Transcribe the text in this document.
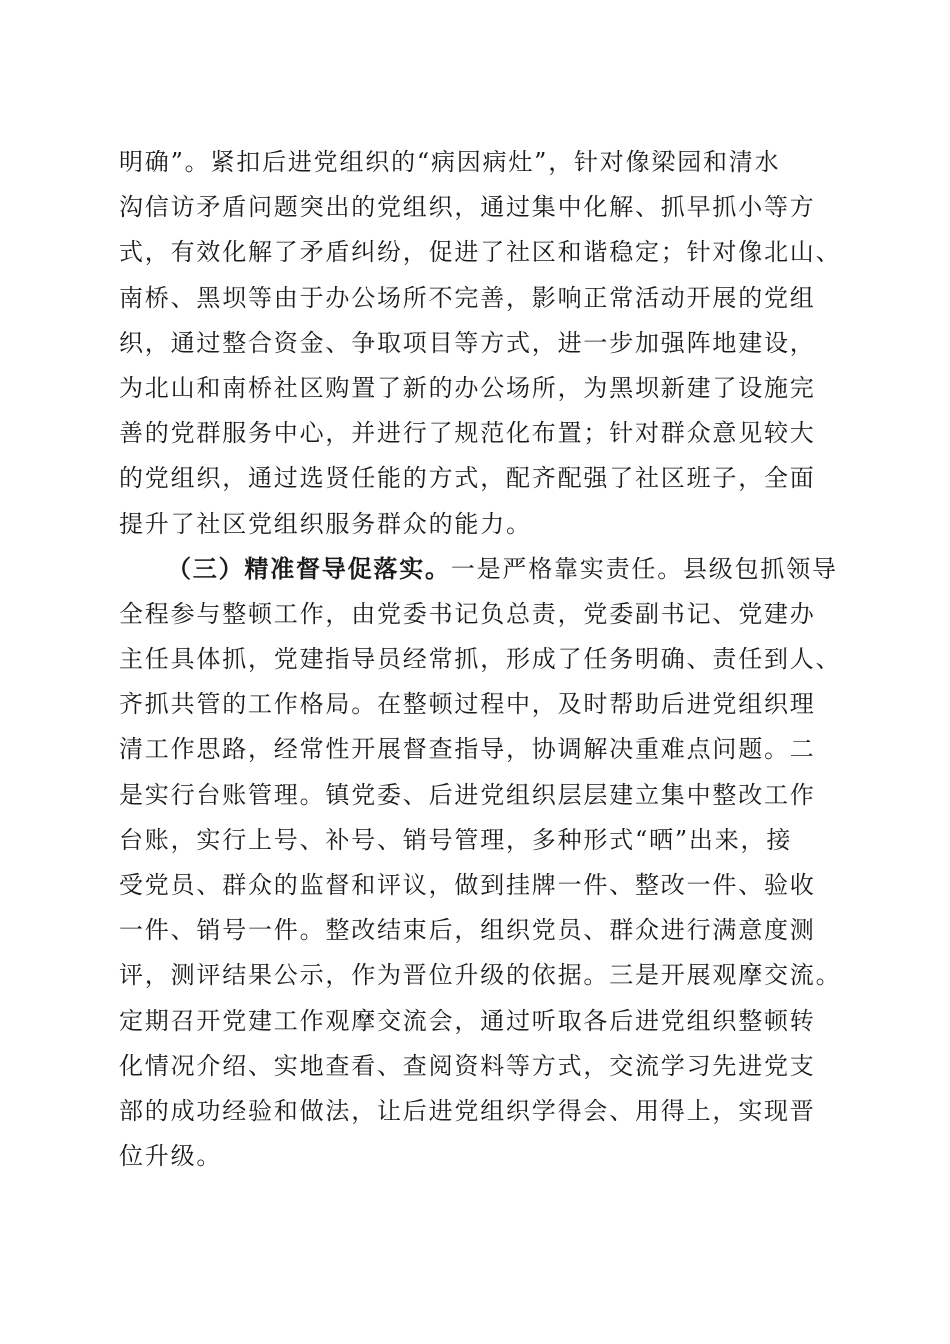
明确”。紧扣后进党组织的“病因病灶”，针对像梁园和清水
沟信访矛盾问题突出的党组织，通过集中化解、抓早抓小等方
式，有效化解了矛盾纠纷，促进了社区和谐稳定；针对像北山、
南桥、黑坝等由于办公场所不完善，影响正常活动开展的党组
织，通过整合资金、争取项目等方式，进一步加强阵地建设，
为北山和南桥社区购置了新的办公场所，为黑坝新建了设施完
善的党群服务中心，并进行了规范化布置；针对群众意见较大
的党组织，通过选贤任能的方式，配齐配强了社区班子，全面
提升了社区党组织服务群众的能力。
（三）精准督导促落实。一是严格靠实责任。县级包抓领导
全程参与整顿工作，由党委书记负总责，党委副书记、党建办
主任具体抓，党建指导员经常抓，形成了任务明确、责任到人、
齐抓共管的工作格局。在整顿过程中，及时帮助后进党组织理
清工作思路，经常性开展督查指导，协调解决重难点问题。二
是实行台账管理。镇党委、后进党组织层层建立集中整改工作
台账，实行上号、补号、销号管理，多种形式“晒”出来，接
受党员、群众的监督和评议，做到挂牌一件、整改一件、验收
一件、销号一件。整改结束后，组织党员、群众进行满意度测
评，测评结果公示，作为晋位升级的依据。三是开展观摩交流。
定期召开党建工作观摩交流会，通过听取各后进党组织整顿转
化情况介绍、实地查看、查阅资料等方式，交流学习先进党支
部的成功经验和做法，让后进党组织学得会、用得上，实现晋
位升级。
